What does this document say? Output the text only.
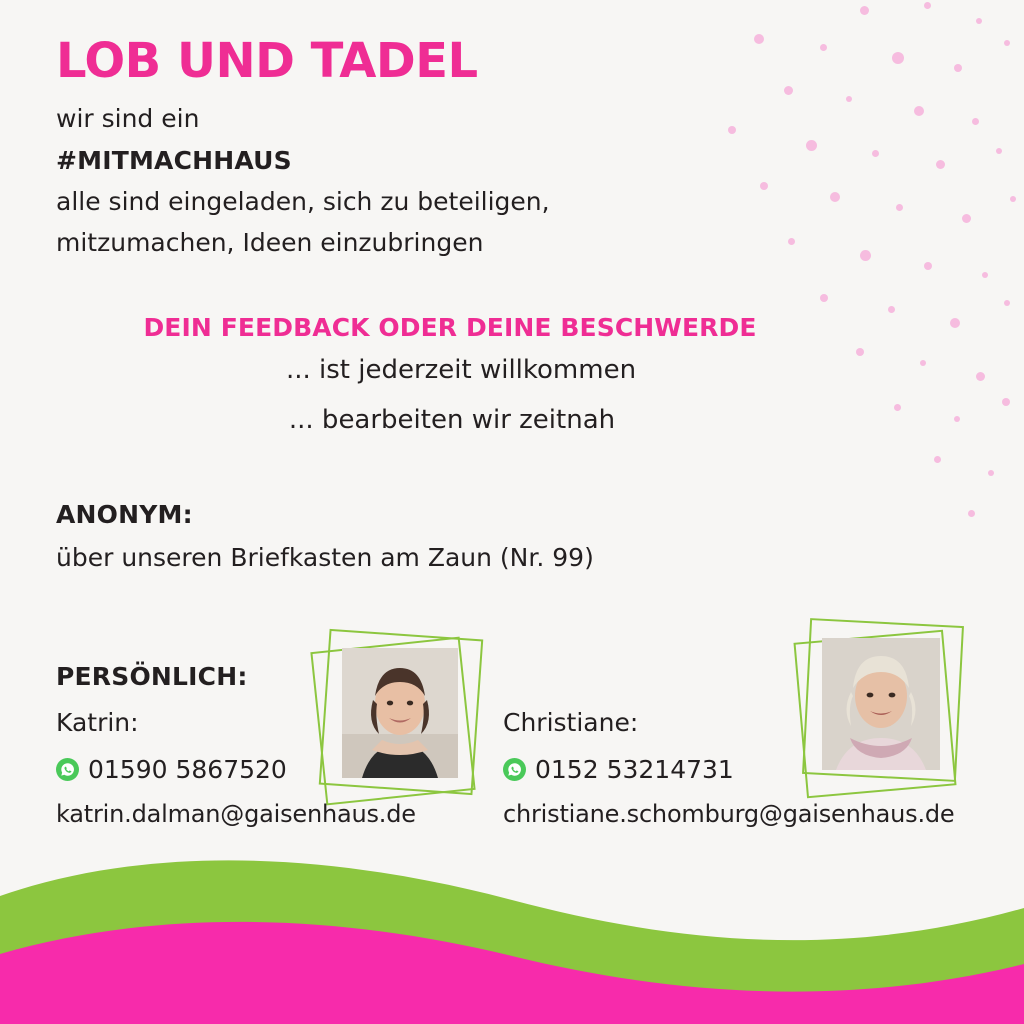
LOB UND TADEL
wir sind ein
#MITMACHHAUS
alle sind eingeladen, sich zu beteiligen,
mitzumachen, Ideen einzubringen
DEIN FEEDBACK ODER DEINE BESCHWERDE
... ist jederzeit willkommen
... bearbeiten wir zeitnah
ANONYM:
über unseren Briefkasten am Zaun (Nr. 99)
PERSÖNLICH:
Katrin:
01590 5867520
katrin.dalman@gaisenhaus.de
Christiane:
0152 53214731
christiane.schomburg@gaisenhaus.de
